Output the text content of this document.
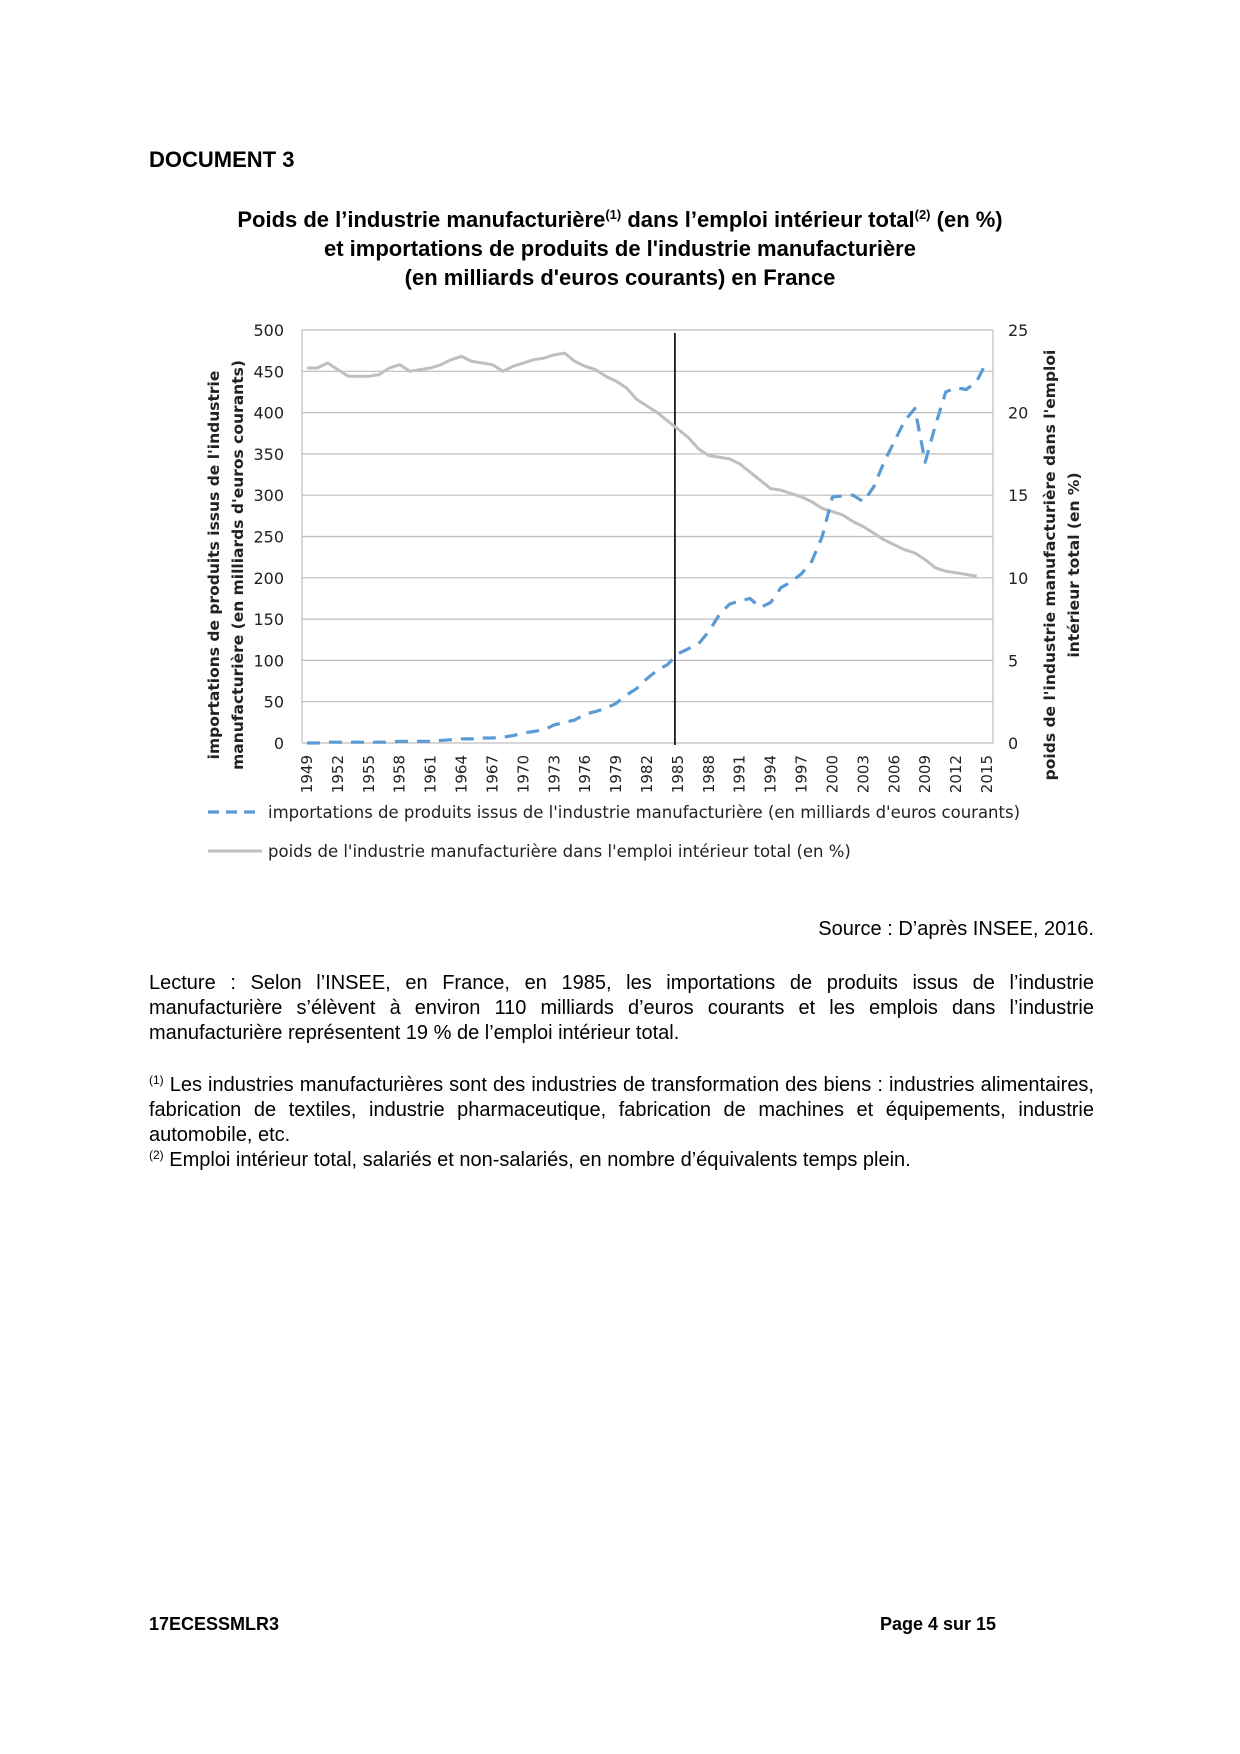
DOCUMENT 3
Poids de l’industrie manufacturière$^{(1)}$ dans l’emploi intérieur total$^{(2)}$ (en %)
et importations de produits de l'industrie manufacturière
(en milliards d'euros courants) en France
0
50
100
150
200
250
300
350
400
450
500
0
5
10
15
20
25
1949 1952 1955 1958 1961 1964 1967 1970 1973 1976 1979 1982 1985 1988 1991 1994 1997 2000 2003 2006 2009 2012 2015
importations de produits issus de l'industrie manufacturière (en milliards d'euros courants)	poids de l'industrie manufacturière dans l'emploi intérieur total (en %)
importations de produits issus de l'industrie manufacturière (en milliards d'euros courants)
poids de l'industrie manufacturière dans l'emploi intérieur total (en %)
Source : D’après INSEE, 2016.
Lecture : Selon l’INSEE, en France, en 1985, les importations de produits issus de l’industrie manufacturière s’élèvent à environ 110 milliards d’euros courants et les emplois dans l’industrie manufacturière représentent 19 % de l’emploi intérieur total.
$^{(1)}$ Les industries manufacturières sont des industries de transformation des biens : industries alimentaires, fabrication de textiles, industrie pharmaceutique, fabrication de machines et équipements, industrie automobile, etc.
$^{(2)}$ Emploi intérieur total, salariés et non-salariés, en nombre d’équivalents temps plein.
17ECESSMLR3	Page 4 sur 15
